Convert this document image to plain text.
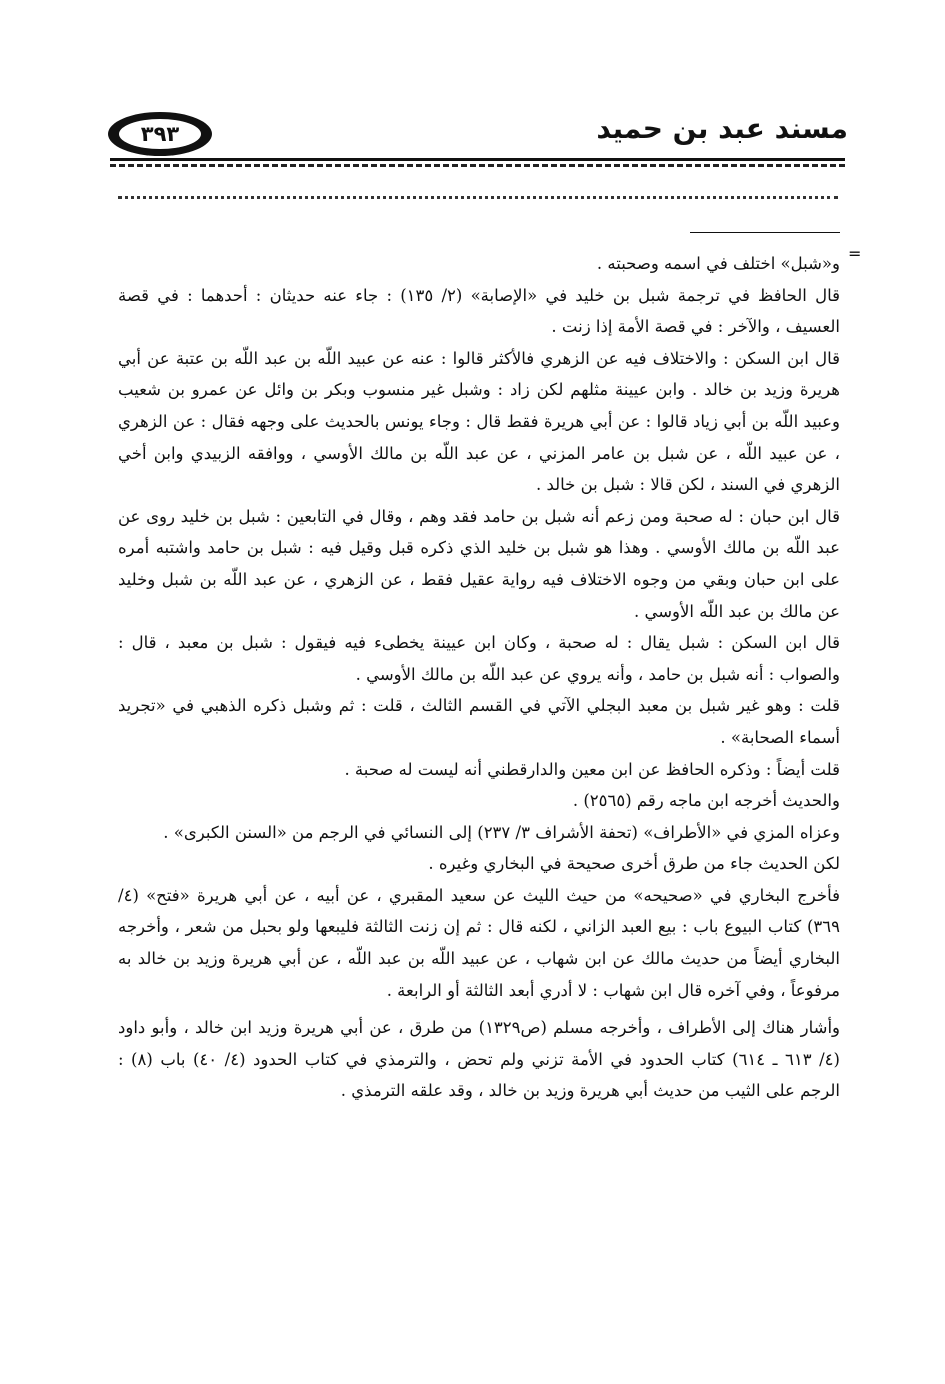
٣٩٣	مسند عبد بن حميد
=

و«شبل» اختلف في اسمه وصحبته .

قال الحافظ في ترجمة شبل بن خليد في «الإصابة» (٢/ ١٣٥) : جاء عنه حديثان : أحدهما : في قصة العسيف ، والآخر : في قصة الأمة إذا زنت .

قال ابن السكن : والاختلاف فيه عن الزهري فالأكثر قالوا : عنه عن عبيد اللّه بن عبد اللّه بن عتبة عن أبي هريرة وزيد بن خالد . وابن عيينة مثلهم لكن زاد : وشبل غير منسوب وبكر بن وائل عن عمرو بن شعيب وعبيد اللّه بن أبي زياد قالوا : عن أبي هريرة فقط قال : وجاء يونس بالحديث على وجهه فقال : عن الزهري ، عن عبيد اللّه ، عن شبل بن عامر المزني ، عن عبد اللّه بن مالك الأوسي ، ووافقه الزبيدي وابن أخي الزهري في السند ، لكن قالا : شبل بن خالد .

قال ابن حبان : له صحبة ومن زعم أنه شبل بن حامد فقد وهم ، وقال في التابعين : شبل بن خليد روى عن عبد اللّه بن مالك الأوسي . وهذا هو شبل بن خليد الذي ذكره قبل وقيل فيه : شبل بن حامد واشتبه أمره على ابن حبان وبقي من وجوه الاختلاف فيه رواية عقيل فقط ، عن الزهري ، عن عبد اللّه بن شبل وخليد عن مالك بن عبد اللّه الأوسي .

قال ابن السكن : شبل يقال : له صحبة ، وكان ابن عيينة يخطىء فيه فيقول : شبل بن معبد ، قال : والصواب : أنه شبل بن حامد ، وأنه يروي عن عبد اللّه بن مالك الأوسي .

قلت : وهو غير شبل بن معبد البجلي الآتي في القسم الثالث ، قلت : ثم وشبل ذكره الذهبي في «تجريد أسماء الصحابة» .

قلت أيضاً : وذكره الحافظ عن ابن معين والدارقطني أنه ليست له صحبة .

والحديث أخرجه ابن ماجه رقم (٢٥٦٥) .

وعزاه المزي في «الأطراف» (تحفة الأشراف ٣/ ٢٣٧) إلى النسائي في الرجم من «السنن الكبرى» .

لكن الحديث جاء من طرق أخرى صحيحة في البخاري وغيره .

فأخرج البخاري في «صحيحه» من حيث الليث عن سعيد المقبري ، عن أبيه ، عن أبي هريرة «فتح» (٤/ ٣٦٩) كتاب البيوع باب : بيع العبد الزاني ، لكنه قال : ثم إن زنت الثالثة فليبعها ولو بحبل من شعر ، وأخرجه البخاري أيضاً من حديث مالك عن ابن شهاب ، عن عبيد اللّه بن عبد اللّه ، عن أبي هريرة وزيد بن خالد به مرفوعاً ، وفي آخره قال ابن شهاب : لا أدري أبعد الثالثة أو الرابعة .

وأشار هناك إلى الأطراف ، وأخرجه مسلم (ص١٣٢٩) من طرق ، عن أبي هريرة وزيد ابن خالد ، وأبو داود (٤/ ٦١٣ ـ ٦١٤) كتاب الحدود في الأمة تزني ولم تحض ، والترمذي في كتاب الحدود (٤/ ٤٠) باب (٨) : الرجم على الثيب من حديث أبي هريرة وزيد بن خالد ، وقد علقه الترمذي .
